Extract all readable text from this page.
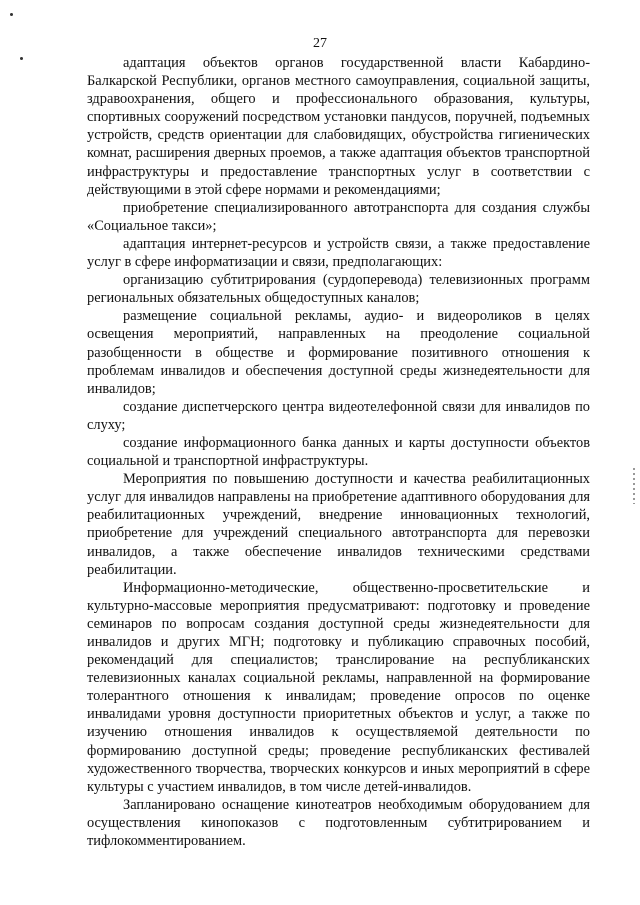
27

адаптация объектов органов государственной власти Кабардино-Балкарской Республики, органов местного самоуправления, социальной защиты, здравоохранения, общего и профессионального образования, культуры, спортивных сооружений посредством установки пандусов, поручней, подъемных устройств, средств ориентации для слабовидящих, обустройства гигиенических комнат, расширения дверных проемов, а также адаптация объектов транспортной инфраструктуры и предоставление транспортных услуг в соответствии с действующими в этой сфере нормами и рекомендациями;

приобретение специализированного автотранспорта для создания службы «Социальное такси»;

адаптация интернет-ресурсов и устройств связи, а также предоставление услуг в сфере информатизации и связи, предполагающих:

организацию субтитрирования (сурдоперевода) телевизионных программ региональных обязательных общедоступных каналов;

размещение социальной рекламы, аудио- и видеороликов в целях освещения мероприятий, направленных на преодоление социальной разобщенности в обществе и формирование позитивного отношения к проблемам инвалидов и обеспечения доступной среды жизнедеятельности для инвалидов;

создание диспетчерского центра видеотелефонной связи для инвалидов по слуху;

создание информационного банка данных и карты доступности объектов социальной и транспортной инфраструктуры.

Мероприятия по повышению доступности и качества реабилитационных услуг для инвалидов направлены на приобретение адаптивного оборудования для реабилитационных учреждений, внедрение инновационных технологий, приобретение для учреждений специального автотранспорта для перевозки инвалидов, а также обеспечение инвалидов техническими средствами реабилитации.

Информационно-методические, общественно-просветительские и культурно-массовые мероприятия предусматривают: подготовку и проведение семинаров по вопросам создания доступной среды жизнедеятельности для инвалидов и других МГН; подготовку и публикацию справочных пособий, рекомендаций для специалистов; транслирование на республиканских телевизионных каналах социальной рекламы, направленной на формирование толерантного отношения к инвалидам; проведение опросов по оценке инвалидами уровня доступности приоритетных объектов и услуг, а также по изучению отношения инвалидов к осуществляемой деятельности по формированию доступной среды; проведение республиканских фестивалей художественного творчества, творческих конкурсов и иных мероприятий в сфере культуры с участием инвалидов, в том числе детей-инвалидов.

Запланировано оснащение кинотеатров необходимым оборудованием для осуществления кинопоказов с подготовленным субтитрированием и тифлокомментированием.
